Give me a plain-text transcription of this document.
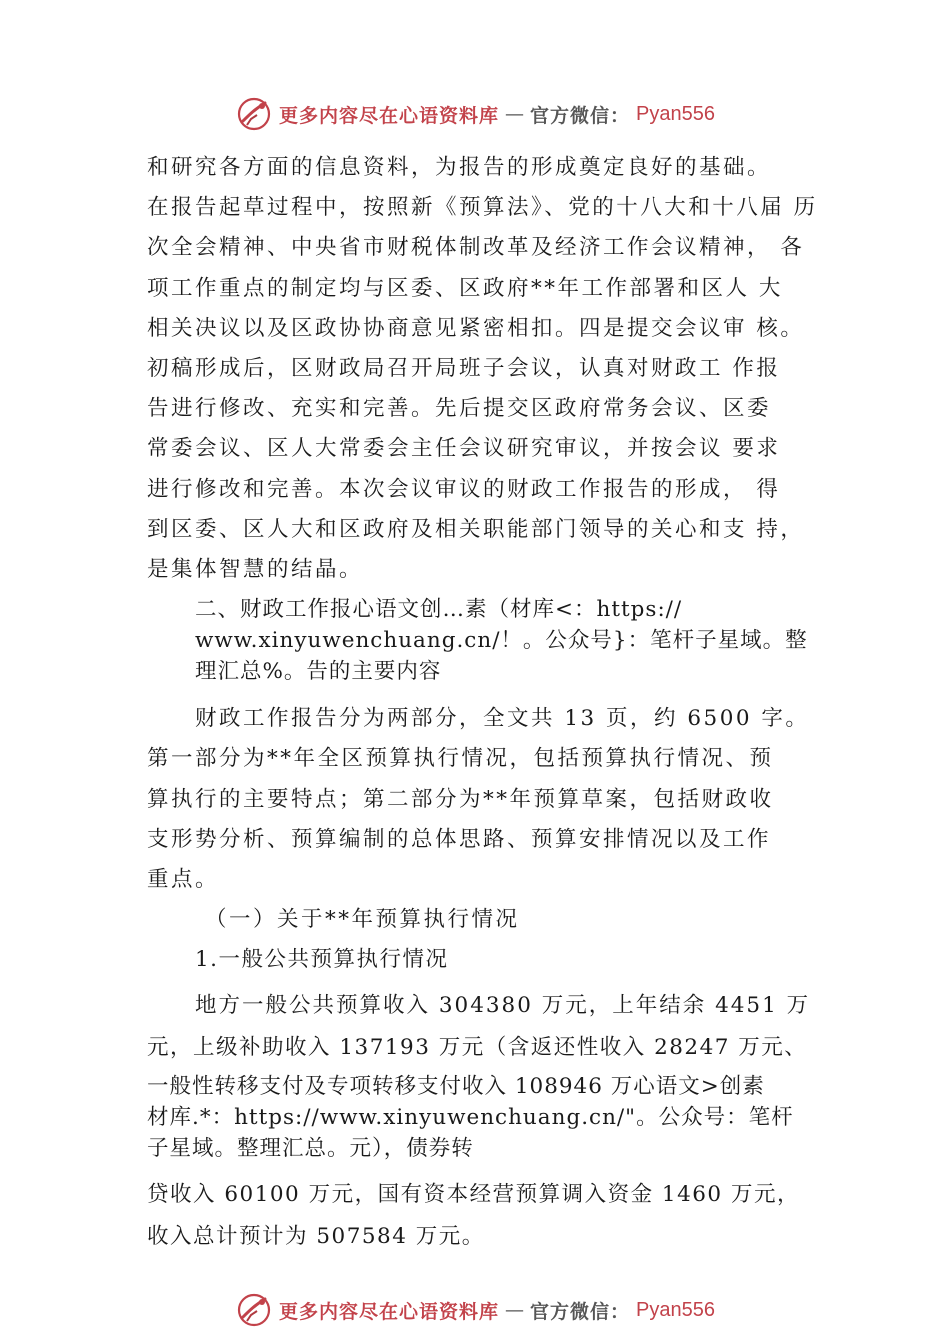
更多内容尽在心语资料库 — 官方微信： Pyan556

和研究各方面的信息资料，为报告的形成奠定良好的基础。

在报告起草过程中，按照新《预算法》、党的十八大和十八届 历

次全会精神、中央省市财税体制改革及经济工作会议精神， 各

项工作重点的制定均与区委、区政府**年工作部署和区人 大

相关决议以及区政协协商意见紧密相扣。四是提交会议审 核。

初稿形成后，区财政局召开局班子会议，认真对财政工 作报

告进行修改、充实和完善。先后提交区政府常务会议、区委

常委会议、区人大常委会主任会议研究审议，并按会议 要求

进行修改和完善。本次会议审议的财政工作报告的形成， 得

到区委、区人大和区政府及相关职能部门领导的关心和支 持，

是集体智慧的结晶。

二、财政工作报心语文创…素（材库<：https://

www.xinyuwenchuang.cn/！。公众号}：笔杆子星域。整

理汇总%。告的主要内容

财政工作报告分为两部分，全文共 13 页，约 6500 字。

第一部分为**年全区预算执行情况，包括预算执行情况、预

算执行的主要特点；第二部分为**年预算草案，包括财政收

支形势分析、预算编制的总体思路、预算安排情况以及工作

重点。

（一）关于**年预算执行情况

1.一般公共预算执行情况

地方一般公共预算收入 304380 万元，上年结余 4451 万

元，上级补助收入 137193 万元（含返还性收入 28247 万元、

一般性转移支付及专项转移支付收入 108946 万心语文>创素

材库.*：https://www.xinyuwenchuang.cn/"。公众号：笔杆

子星域。整理汇总。元），债券转

贷收入 60100 万元，国有资本经营预算调入资金 1460 万元，

收入总计预计为 507584 万元。

更多内容尽在心语资料库 — 官方微信： Pyan556
